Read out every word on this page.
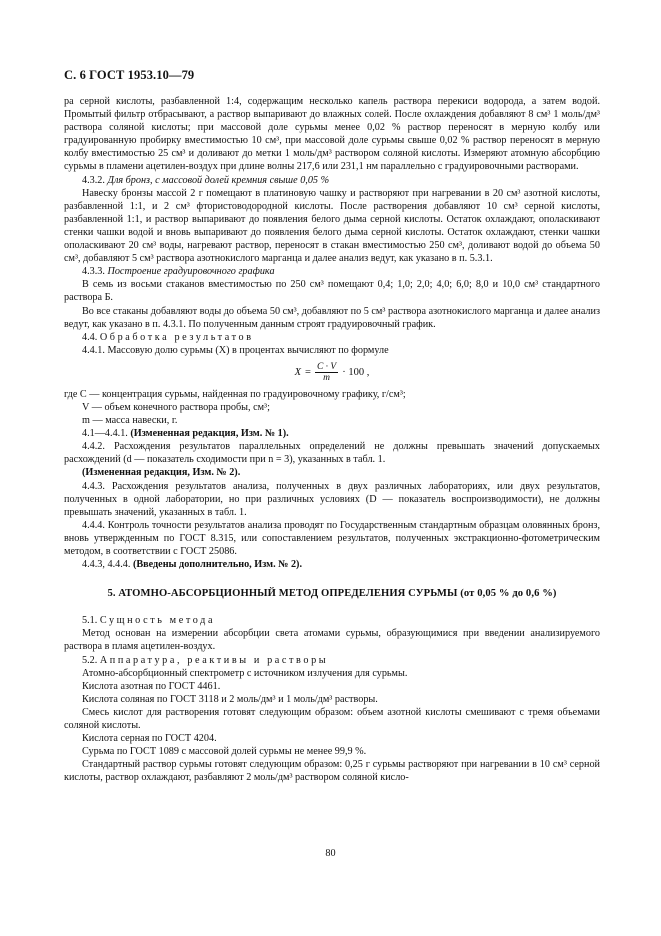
С. 6 ГОСТ 1953.10—79

ра серной кислоты, разбавленной 1:4, содержащим несколько капель раствора перекиси водорода, а затем водой. Промытый фильтр отбрасывают, а раствор выпаривают до влажных солей. После охлаждения добавляют 8 см³ 1 моль/дм³ раствора соляной кислоты; при массовой доле сурьмы менее 0,02 % раствор переносят в мерную колбу или градуированную пробирку вместимостью 10 см³, при массовой доле сурьмы свыше 0,02 % раствор переносят в мерную колбу вместимостью 25 см³ и доливают до метки 1 моль/дм³ раствором соляной кислоты. Измеряют атомную абсорбцию сурьмы в пламени ацетилен-воздух при длине волны 217,6 или 231,1 нм параллельно с градуировочными растворами.

4.3.2. Для бронз, с массовой долей кремния свыше 0,05 %

Навеску бронзы массой 2 г помещают в платиновую чашку и растворяют при нагревании в 20 см³ азотной кислоты, разбавленной 1:1, и 2 см³ фтористоводородной кислоты. После растворения добавляют 10 см³ серной кислоты, разбавленной 1:1, и раствор выпаривают до появления белого дыма серной кислоты. Остаток охлаждают, ополаскивают стенки чашки водой и вновь выпаривают до появления белого дыма серной кислоты. Остаток охлаждают, стенки чашки ополаскивают 20 см³ воды, нагревают раствор, переносят в стакан вместимостью 250 см³, доливают водой до объема 50 см³, добавляют 5 см³ раствора азотнокислого марганца и далее анализ ведут, как указано в п. 5.3.1.

4.3.3. Построение градуировочного графика

В семь из восьми стаканов вместимостью по 250 см³ помещают 0,4; 1,0; 2,0; 4,0; 6,0; 8,0 и 10,0 см³ стандартного раствора Б.

Во все стаканы добавляют воды до объема 50 см³, добавляют по 5 см³ раствора азотнокислого марганца и далее анализ ведут, как указано в п. 4.3.1. По полученным данным строят градуировочный график.

4.4. Обработка результатов

4.4.1. Массовую долю сурьмы (X) в процентах вычисляют по формуле

$X = \frac{C \cdot V}{m} \cdot 100$ ,

где C — концентрация сурьмы, найденная по градуировочному графику, г/см³;

V — объем конечного раствора пробы, см³;

m — масса навески, г.

4.1—4.4.1. (Измененная редакция, Изм. № 1).

4.4.2. Расхождения результатов параллельных определений не должны превышать значений допускаемых расхождений (d — показатель сходимости при n = 3), указанных в табл. 1.

(Измененная редакция, Изм. № 2).

4.4.3. Расхождения результатов анализа, полученных в двух различных лабораториях, или двух результатов, полученных в одной лаборатории, но при различных условиях (D — показатель воспроизводимости), не должны превышать значений, указанных в табл. 1.

4.4.4. Контроль точности результатов анализа проводят по Государственным стандартным образцам оловянных бронз, вновь утвержденным по ГОСТ 8.315, или сопоставлением результатов, полученных экстракционно-фотометрическим методом, в соответствии с ГОСТ 25086.

4.4.3, 4.4.4. (Введены дополнительно, Изм. № 2).

5. АТОМНО-АБСОРБЦИОННЫЙ МЕТОД ОПРЕДЕЛЕНИЯ СУРЬМЫ (от 0,05 % до 0,6 %)

5.1. Сущность метода

Метод основан на измерении абсорбции света атомами сурьмы, образующимися при введении анализируемого раствора в пламя ацетилен-воздух.

5.2. Аппаратура, реактивы и растворы

Атомно-абсорбционный спектрометр с источником излучения для сурьмы.

Кислота азотная по ГОСТ 4461.

Кислота соляная по ГОСТ 3118 и 2 моль/дм³ и 1 моль/дм³ растворы.

Смесь кислот для растворения готовят следующим образом: объем азотной кислоты смешивают с тремя объемами соляной кислоты.

Кислота серная по ГОСТ 4204.

Сурьма по ГОСТ 1089 с массовой долей сурьмы не менее 99,9 %.

Стандартный раствор сурьмы готовят следующим образом: 0,25 г сурьмы растворяют при нагревании в 10 см³ серной кислоты, раствор охлаждают, разбавляют 2 моль/дм³ раствором соляной кисло-

80
